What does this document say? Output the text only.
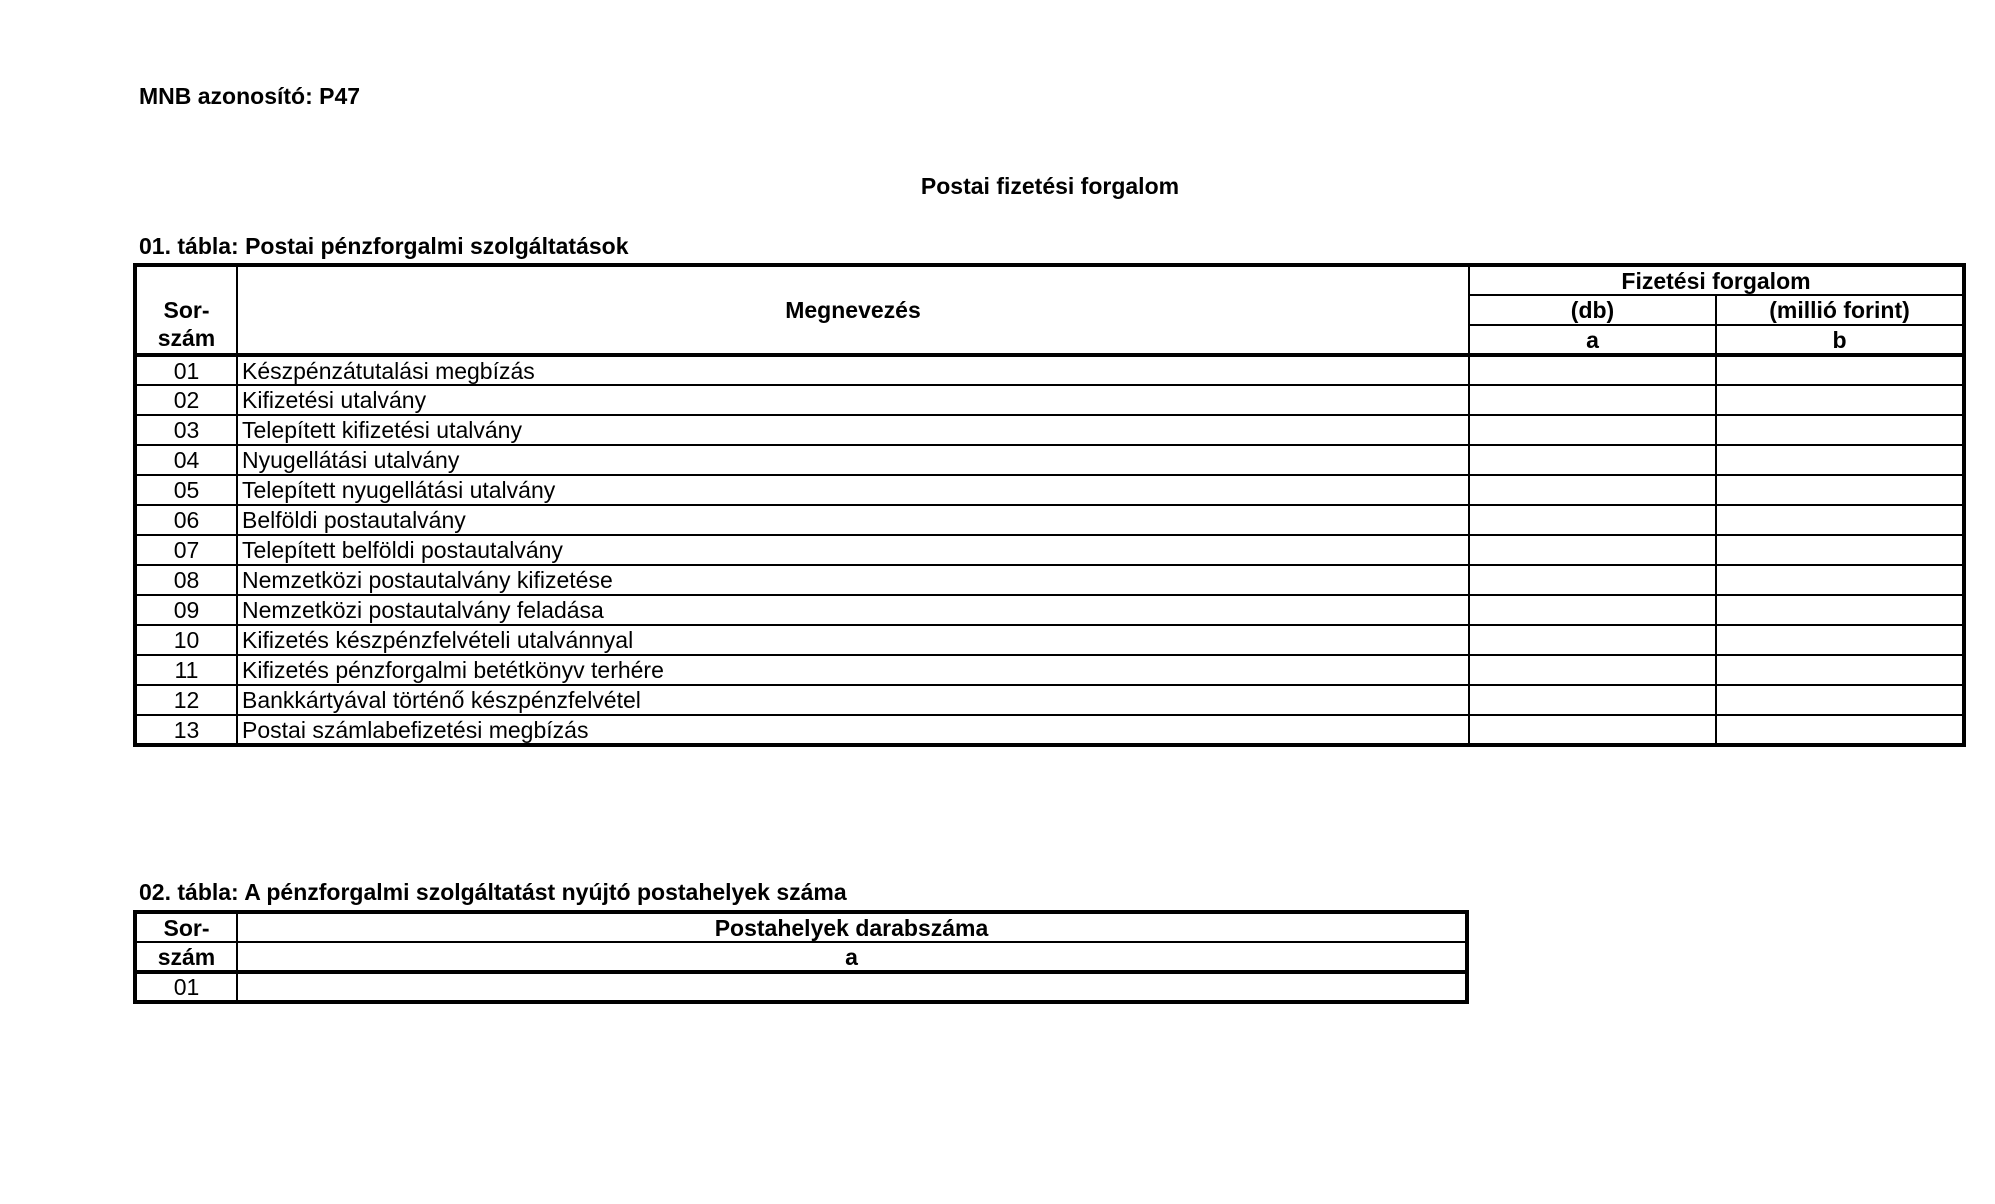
MNB azonosító: P47
Postai fizetési forgalom
01. tábla: Postai pénzforgalmi szolgáltatások

Sor-
szám	Megnevezés	Fizetési forgalom	
		(db)	(millió forint)
		a	b
01	Készpénzátutalási megbízás		
02	Kifizetési utalvány		
03	Telepített kifizetési utalvány		
04	Nyugellátási utalvány		
05	Telepített nyugellátási utalvány		
06	Belföldi postautalvány		
07	Telepített belföldi postautalvány		
08	Nemzetközi postautalvány kifizetése		
09	Nemzetközi postautalvány feladása		
10	Kifizetés készpénzfelvételi utalvánnyal		
11	Kifizetés pénzforgalmi betétkönyv terhére		
12	Bankkártyával történő készpénzfelvétel		
13	Postai számlabefizetési megbízás		
02. tábla: A pénzforgalmi szolgáltatást nyújtó postahelyek száma
Sor-	Postahelyek darabszáma
szám	a
01	
